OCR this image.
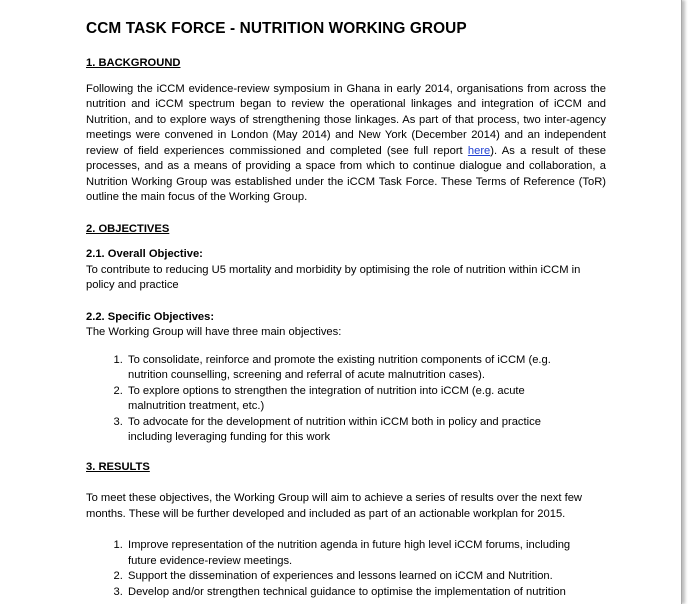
CCM TASK FORCE - NUTRITION WORKING GROUP
1. BACKGROUND

Following the iCCM evidence-review symposium in Ghana in early 2014, organisations from across the nutrition and iCCM spectrum began to review the operational linkages and integration of iCCM and Nutrition, and to explore ways of strengthening those linkages. As part of that process, two inter-agency meetings were convened in London (May 2014) and New York (December 2014) and an independent review of field experiences commissioned and completed (see full report here). As a result of these processes, and as a means of providing a space from which to continue dialogue and collaboration, a Nutrition Working Group was established under the iCCM Task Force. These Terms of Reference (ToR) outline the main focus of the Working Group.

2. OBJECTIVES
2.1. Overall Objective:
To contribute to reducing U5 mortality and morbidity by optimising the role of nutrition within iCCM in policy and practice
2.2. Specific Objectives:
The Working Group will have three main objectives:
1. To consolidate, reinforce and promote the existing nutrition components of iCCM (e.g. nutrition counselling, screening and referral of acute malnutrition cases).
2. To explore options to strengthen the integration of nutrition into iCCM (e.g. acute malnutrition treatment, etc.)
3. To advocate for the development of nutrition within iCCM both in policy and practice including leveraging funding for this work
3. RESULTS

To meet these objectives, the Working Group will aim to achieve a series of results over the next few months. These will be further developed and included as part of an actionable workplan for 2015.

1. Improve representation of the nutrition agenda in future high level iCCM forums, including future evidence-review meetings.
2. Support the dissemination of experiences and lessons learned on iCCM and Nutrition.
3. Develop and/or strengthen technical guidance to optimise the implementation of nutrition
